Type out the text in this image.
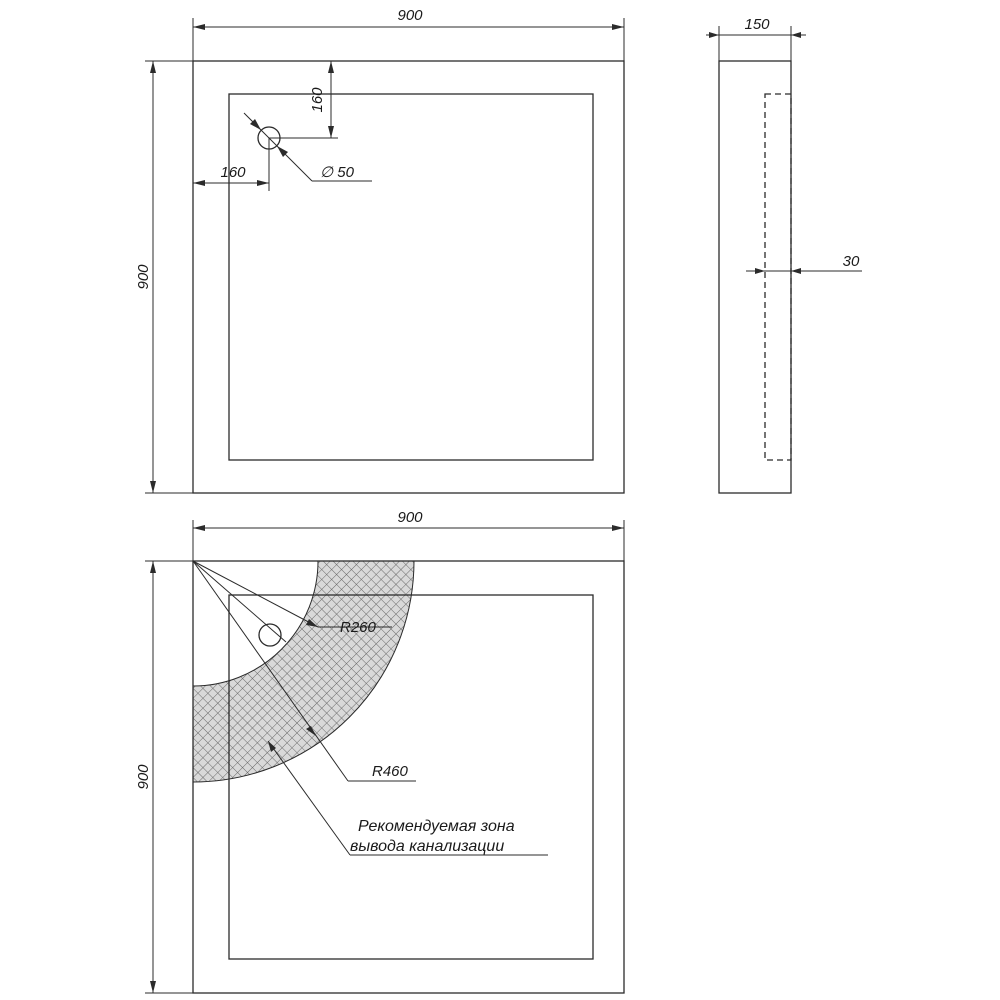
900
900
160
160	∅ 50
150
30
900
900
R260
R460
Рекомендуемая зона
вывода канализации
